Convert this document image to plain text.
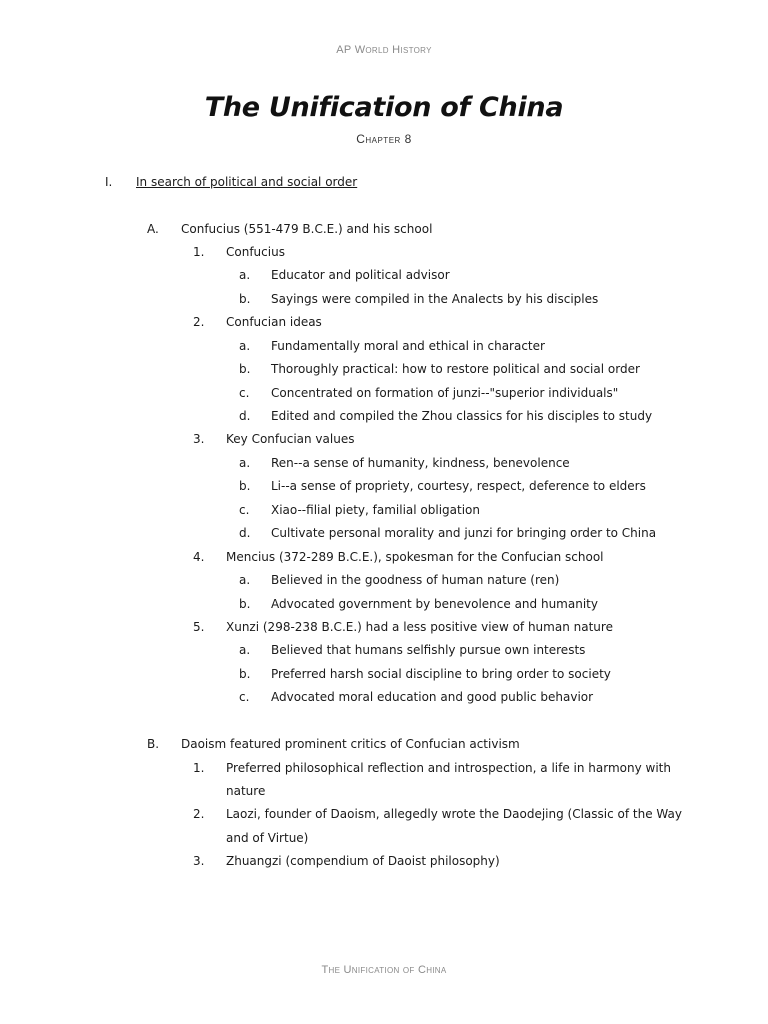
AP World History
The Unification of China
Chapter 8
I. In search of political and social order
A. Confucius (551-479 B.C.E.) and his school
1. Confucius
a. Educator and political advisor
b. Sayings were compiled in the Analects by his disciples
2. Confucian ideas
a. Fundamentally moral and ethical in character
b. Thoroughly practical: how to restore political and social order
c. Concentrated on formation of junzi--"superior individuals"
d. Edited and compiled the Zhou classics for his disciples to study
3. Key Confucian values
a. Ren--a sense of humanity, kindness, benevolence
b. Li--a sense of propriety, courtesy, respect, deference to elders
c. Xiao--filial piety, familial obligation
d. Cultivate personal morality and junzi for bringing order to China
4. Mencius (372-289 B.C.E.), spokesman for the Confucian school
a. Believed in the goodness of human nature (ren)
b. Advocated government by benevolence and humanity
5. Xunzi (298-238 B.C.E.) had a less positive view of human nature
a. Believed that humans selfishly pursue own interests
b. Preferred harsh social discipline to bring order to society
c. Advocated moral education and good public behavior
B. Daoism featured prominent critics of Confucian activism
1. Preferred philosophical reflection and introspection, a life in harmony with
nature
2. Laozi, founder of Daoism, allegedly wrote the Daodejing (Classic of the Way
and of Virtue)
3. Zhuangzi (compendium of Daoist philosophy)
The Unification of China
